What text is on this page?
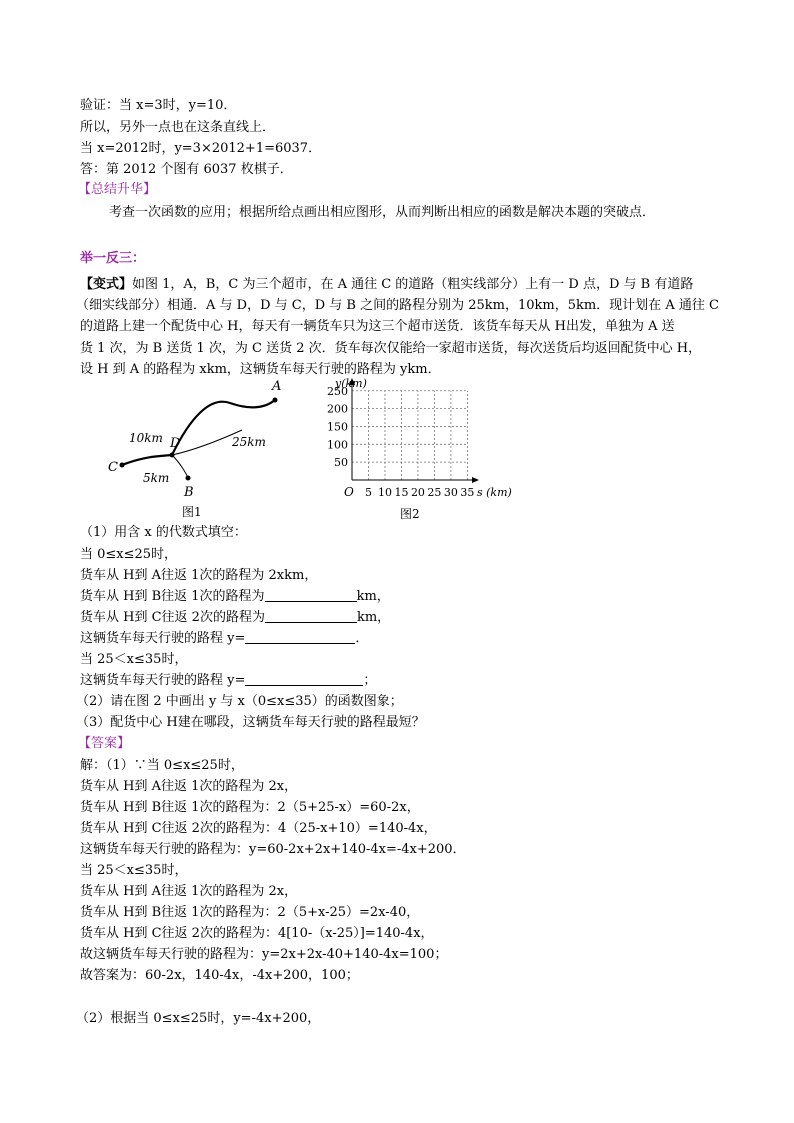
验证：当 x=3时，y=10．
所以，另外一点也在这条直线上．
当 x=2012时，y=3×2012+1=6037．
答：第 2012 个图有 6037 枚棋子．
【总结升华】
考查一次函数的应用；根据所给点画出相应图形，从而判断出相应的函数是解决本题的突破点．
举一反三：
【变式】如图 1，A，B，C 为三个超市，在 A 通往 C 的道路（粗实线部分）上有一 D 点，D 与 B 有道路
（细实线部分）相通．A 与 D，D 与 C，D 与 B 之间的路程分别为 25km，10km，5km．现计划在 A 通往 C
的道路上建一个配货中心 H，每天有一辆货车只为这三个超市送货．该货车每天从 H出发，单独为 A 送
货 1 次，为 B 送货 1 次，为 C 送货 2 次．货车每次仅能给一家超市送货，每次送货后均返回配货中心 H，
设 H 到 A 的路程为 xkm，这辆货车每天行驶的路程为 ykm．
A
B
C
D
10km	25km
5km
图1
50
100
150
200
250
5 10 15 20 25 30 35
y(km)
s (km)
O
图2
（1）用含 x 的代数式填空：
当 0≤x≤25时，
货车从 H到 A往返 1次的路程为 2xkm，
货车从 H到 B往返 1次的路程为	km，
货车从 H到 C往返 2次的路程为	km，
这辆货车每天行驶的路程 y=	．
当 25＜x≤35时，
这辆货车每天行驶的路程 y=	；
（2）请在图 2 中画出 y 与 x（0≤x≤35）的函数图象；
（3）配货中心 H建在哪段，这辆货车每天行驶的路程最短？
【答案】
解：（1）∵当 0≤x≤25时，
货车从 H到 A往返 1次的路程为 2x，
货车从 H到 B往返 1次的路程为：2（5+25-x）=60-2x，
货车从 H到 C往返 2次的路程为：4（25-x+10）=140-4x，
这辆货车每天行驶的路程为：y=60-2x+2x+140-4x=-4x+200．
当 25＜x≤35时，
货车从 H到 A往返 1次的路程为 2x，
货车从 H到 B往返 1次的路程为：2（5+x-25）=2x-40，
货车从 H到 C往返 2次的路程为：4[10-（x-25）]=140-4x，
故这辆货车每天行驶的路程为：y=2x+2x-40+140-4x=100；
故答案为：60-2x，140-4x，-4x+200，100；
（2）根据当 0≤x≤25时，y=-4x+200，
